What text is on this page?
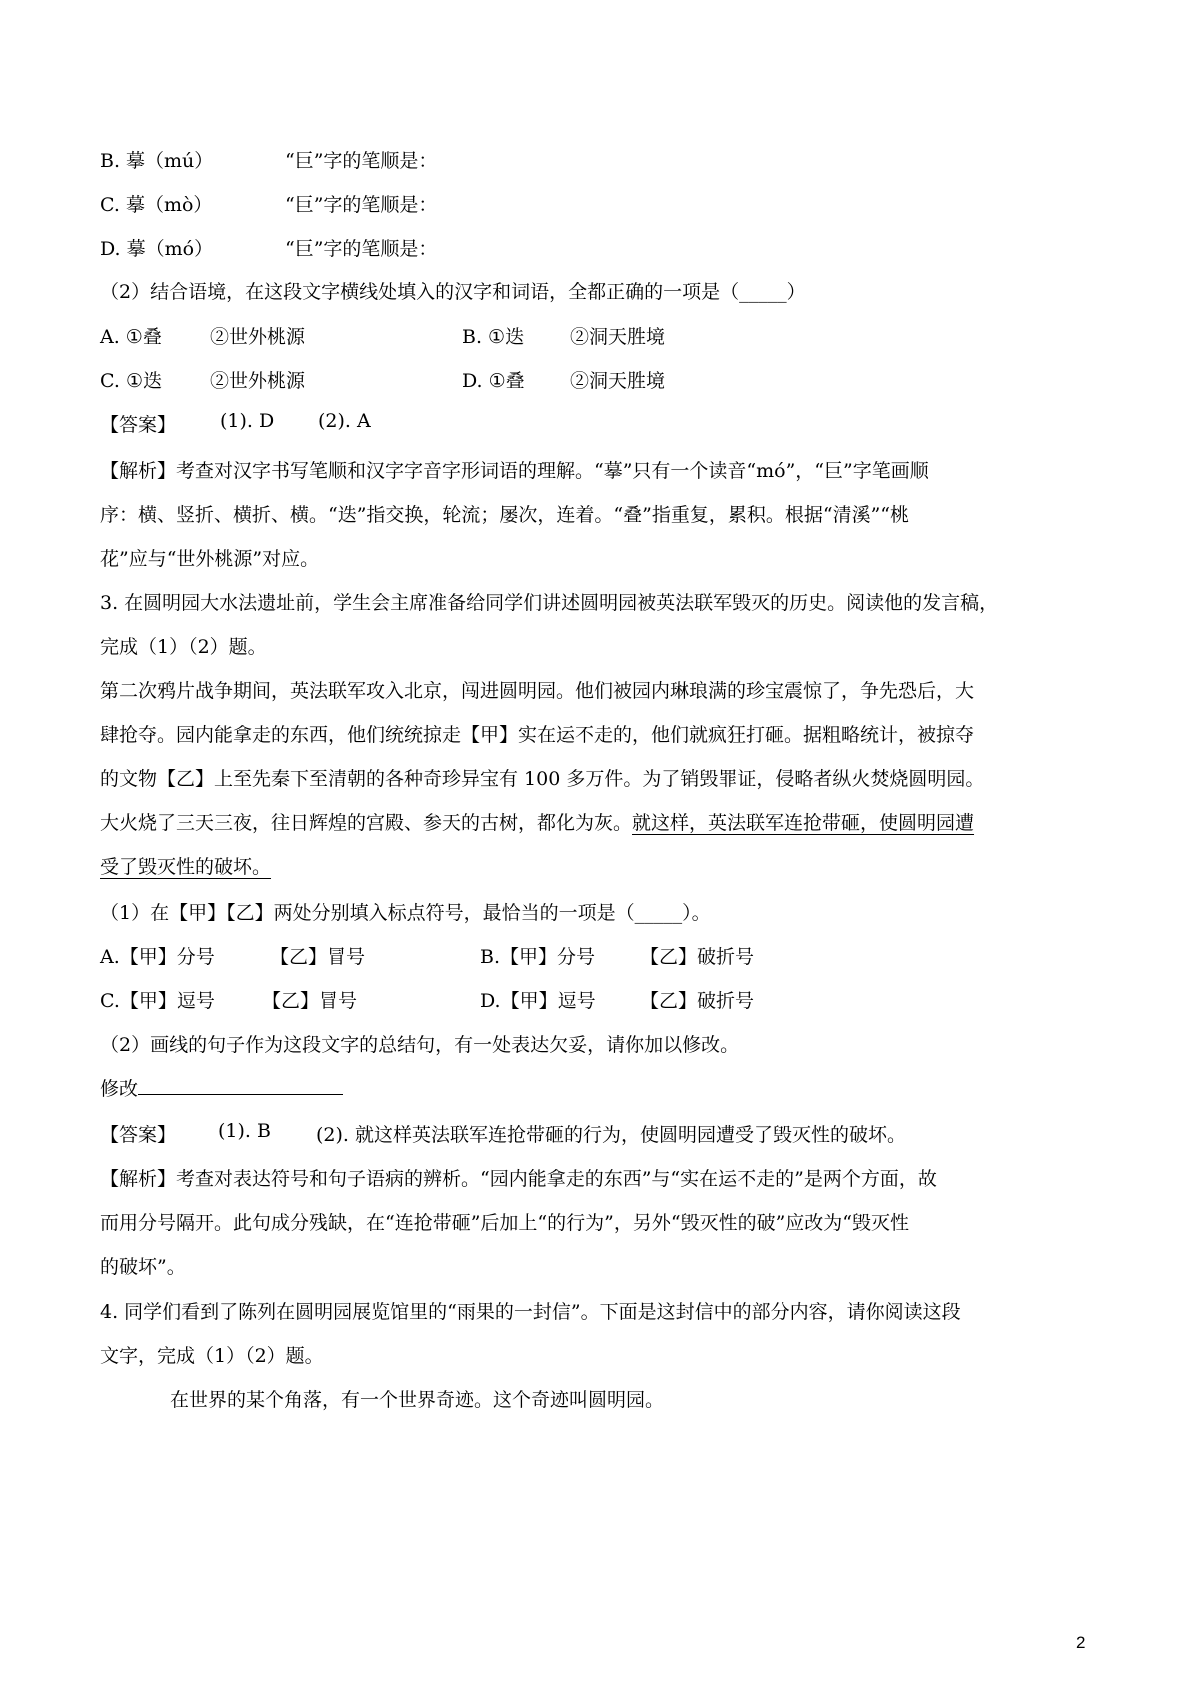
B. 摹（mú）	“巨”字的笔顺是：
C. 摹（mò）	“巨”字的笔顺是：
D. 摹（mó）	“巨”字的笔顺是：
（2）结合语境，在这段文字横线处填入的汉字和词语，全都正确的一项是（_____）
A. ①叠	②世外桃源	B. ①迭 ②洞天胜境
C. ①迭	②世外桃源	D. ①叠 ②洞天胜境
【答案】 (1). D (2). A
【解析】考查对汉字书写笔顺和汉字字音字形词语的理解。“摹”只有一个读音“mó”，“巨”字笔画顺
序：横、竖折、横折、横。“迭”指交换，轮流；屡次，连着。“叠”指重复，累积。根据“清溪”“桃
花”应与“世外桃源”对应。
3. 在圆明园大水法遗址前，学生会主席准备给同学们讲述圆明园被英法联军毁灭的历史。阅读他的发言稿，
完成（1）（2）题。
第二次鸦片战争期间，英法联军攻入北京，闯进圆明园。他们被园内琳琅满的珍宝震惊了，争先恐后，大
肆抢夺。园内能拿走的东西，他们统统掠走【甲】实在运不走的，他们就疯狂打砸。据粗略统计，被掠夺
的文物【乙】上至先秦下至清朝的各种奇珍异宝有 100 多万件。为了销毁罪证，侵略者纵火焚烧圆明园。
大火烧了三天三夜，往日辉煌的宫殿、参天的古树，都化为灰。就这样，英法联军连抢带砸，使圆明园遭
受了毁灭性的破坏。
（1）在【甲】【乙】两处分别填入标点符号，最恰当的一项是（_____）。
A.【甲】分号	【乙】冒号	B.【甲】分号 【乙】破折号
C.【甲】逗号 【乙】冒号	D.【甲】逗号 【乙】破折号
（2）画线的句子作为这段文字的总结句，有一处表达欠妥，请你加以修改。
修改
【答案】 (1). B (2). 就这样英法联军连抢带砸的行为，使圆明园遭受了毁灭性的破坏。
【解析】考查对表达符号和句子语病的辨析。“园内能拿走的东西”与“实在运不走的”是两个方面，故
而用分号隔开。此句成分残缺，在“连抢带砸”后加上“的行为”，另外“毁灭性的破”应改为“毁灭性
的破坏”。
4. 同学们看到了陈列在圆明园展览馆里的“雨果的一封信”。下面是这封信中的部分内容，请你阅读这段
文字，完成（1）（2）题。
在世界的某个角落，有一个世界奇迹。这个奇迹叫圆明园。
2
